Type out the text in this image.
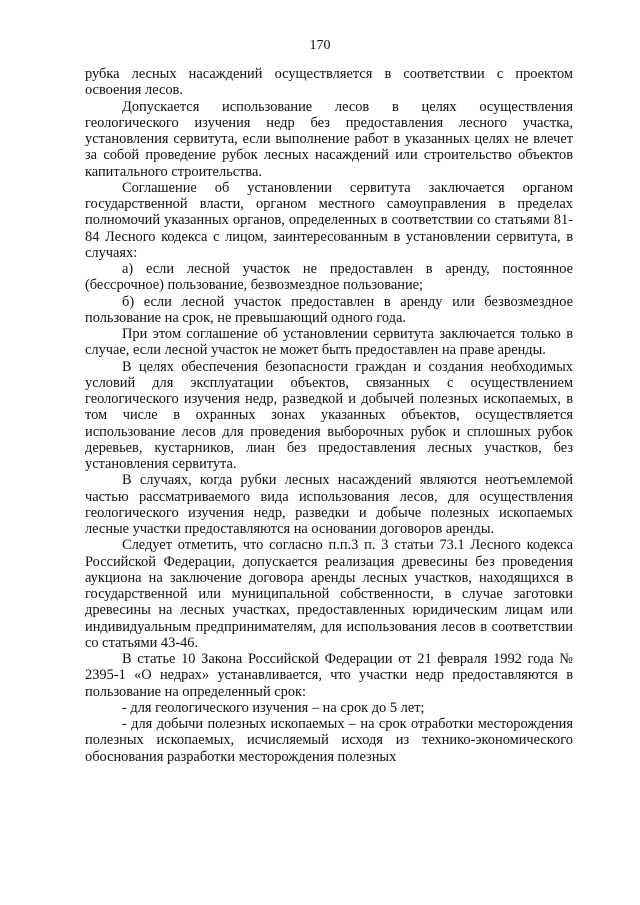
170

рубка лесных насаждений осуществляется в соответствии с проектом освоения лесов.

Допускается использование лесов в целях осуществления геологического изучения недр без предоставления лесного участка, установления сервитута, если выполнение работ в указанных целях не влечет за собой проведение рубок лесных насаждений или строительство объектов капитального строительства.

Соглашение об установлении сервитута заключается органом государственной власти, органом местного самоуправления в пределах полномочий указанных органов, определенных в соответствии со статьями 81-84 Лесного кодекса с лицом, заинтересованным в установлении сервитута, в случаях:

а) если лесной участок не предоставлен в аренду, постоянное (бессрочное) пользование, безвозмездное пользование;

б) если лесной участок предоставлен в аренду или безвозмездное пользование на срок, не превышающий одного года.

При этом соглашение об установлении сервитута заключается только в случае, если лесной участок не может быть предоставлен на праве аренды.

В целях обеспечения безопасности граждан и создания необходимых условий для эксплуатации объектов, связанных с осуществлением геологического изучения недр, разведкой и добычей полезных ископаемых, в том числе в охранных зонах указанных объектов, осуществляется использование лесов для проведения выборочных рубок и сплошных рубок деревьев, кустарников, лиан без предоставления лесных участков, без установления сервитута.

В случаях, когда рубки лесных насаждений являются неотъемлемой частью рассматриваемого вида использования лесов, для осуществления геологического изучения недр, разведки и добыче полезных ископаемых лесные участки предоставляются на основании договоров аренды.

Следует отметить, что согласно п.п.3 п. 3 статьи 73.1 Лесного кодекса Российской Федерации, допускается реализация древесины без проведения аукциона на заключение договора аренды лесных участков, находящихся в государственной или муниципальной собственности, в случае заготовки древесины на лесных участках, предоставленных юридическим лицам или индивидуальным предпринимателям, для использования лесов в соответствии со статьями 43-46.

В статье 10 Закона Российской Федерации от 21 февраля 1992 года № 2395-1 «О недрах» устанавливается, что участки недр предоставляются в пользование на определенный срок:

- для геологического изучения – на срок до 5 лет;

- для добычи полезных ископаемых – на срок отработки месторождения полезных ископаемых, исчисляемый исходя из технико-экономического обоснования разработки месторождения полезных
